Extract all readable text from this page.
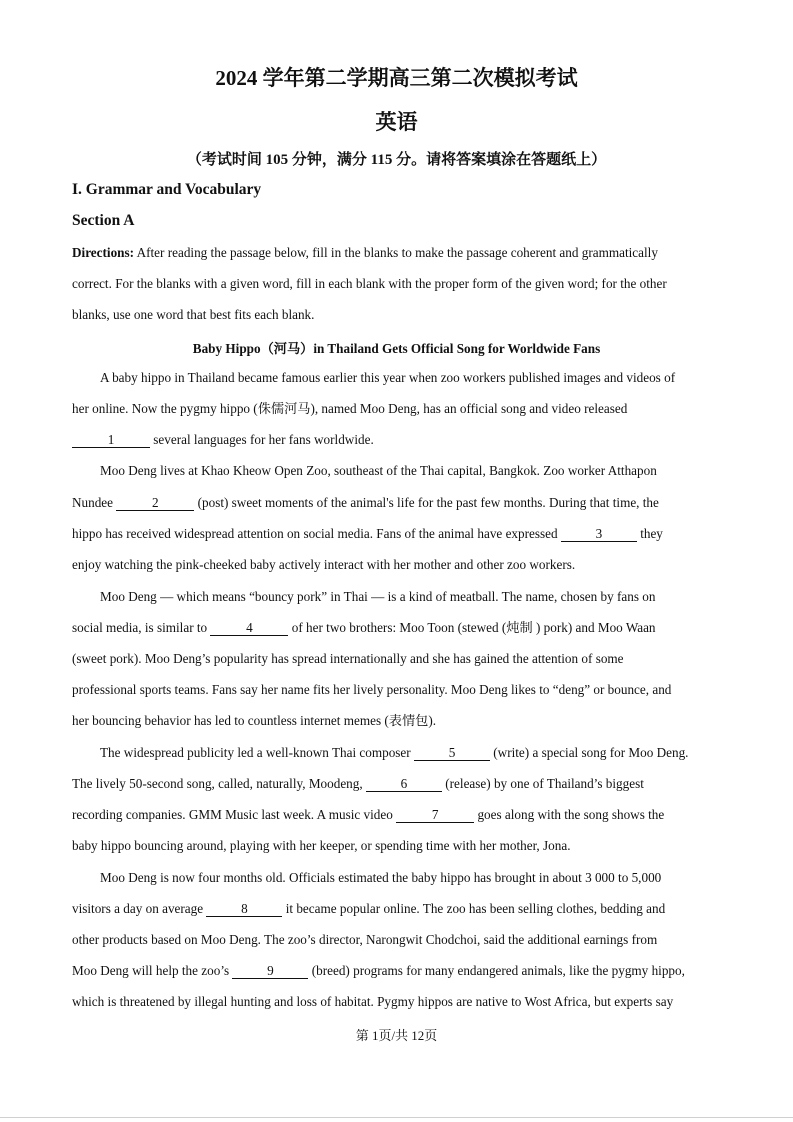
2024 学年第二学期高三第二次模拟考试
英语
（考试时间 105 分钟，满分 115 分。请将答案填涂在答题纸上）
I. Grammar and Vocabulary
Section A
Directions: After reading the passage below, fill in the blanks to make the passage coherent and grammatically
correct. For the blanks with a given word, fill in each blank with the proper form of the given word; for the other
blanks, use one word that best fits each blank.
Baby Hippo（河马）in Thailand Gets Official Song for Worldwide Fans
A baby hippo in Thailand became famous earlier this year when zoo workers published images and videos of
her online. Now the pygmy hippo (侏儒河马), named Moo Deng, has an official song and video released
1	several languages for her fans worldwide.
Moo Deng lives at Khao Kheow Open Zoo, southeast of the Thai capital, Bangkok. Zoo worker Atthapon
Nundee	2	(post) sweet moments of the animal's life for the past few months. During that time, the
hippo has received widespread attention on social media. Fans of the animal have expressed	3	they
enjoy watching the pink-cheeked baby actively interact with her mother and other zoo workers.
Moo Deng — which means “bouncy pork” in Thai — is a kind of meatball. The name, chosen by fans on
social media, is similar to	4	of her two brothers: Moo Toon (stewed (炖制 ) pork) and Moo Waan
(sweet pork). Moo Deng’s popularity has spread internationally and she has gained the attention of some
professional sports teams. Fans say her name fits her lively personality. Moo Deng likes to “deng” or bounce, and
her bouncing behavior has led to countless internet memes (表情包).
The widespread publicity led a well-known Thai composer	5	(write) a special song for Moo Deng.
The lively 50-second song, called, naturally, Moodeng,	6	(release) by one of Thailand’s biggest
recording companies. GMM Music last week. A music video	7	goes along with the song shows the
baby hippo bouncing around, playing with her keeper, or spending time with her mother, Jona.
Moo Deng is now four months old. Officials estimated the baby hippo has brought in about 3 000 to 5,000
visitors a day on average	8	it became popular online. The zoo has been selling clothes, bedding and
other products based on Moo Deng. The zoo’s director, Narongwit Chodchoi, said the additional earnings from
Moo Deng will help the zoo’s	9	(breed) programs for many endangered animals, like the pygmy hippo,
which is threatened by illegal hunting and loss of habitat. Pygmy hippos are native to Wost Africa, but experts say
第 1页/共 12页
